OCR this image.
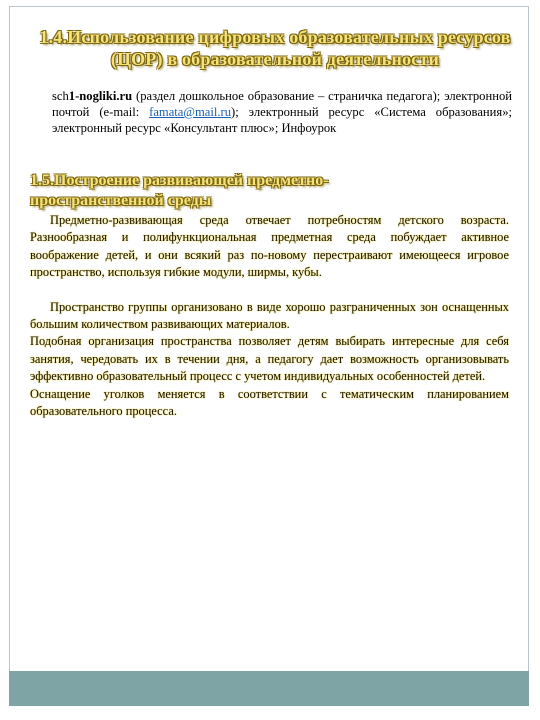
1.4.Использование цифровых образовательных ресурсов (ЦОР) в образовательной деятельности
sch1-nogliki.ru (раздел дошкольное образование – страничка педагога); электронной почтой (e-mail: famata@mail.ru); электронный ресурс «Система образования»; электронный ресурс «Консультант плюс»; Инфоурок
1.5.Построение развивающей предметно-пространственной среды

Предметно-развивающая среда отвечает потребностям детского возраста. Разнообразная и полифункциональная предметная среда побуждает активное воображение детей, и они всякий раз по-новому перестраивают имеющееся игровое пространство, используя гибкие модули, ширмы, кубы.

Пространство группы организовано в виде хорошо разграниченных зон оснащенных большим количеством развивающих материалов.

Подобная организация пространства позволяет детям выбирать интересные для себя занятия, чередовать их в течении дня, а педагогу дает возможность организовывать эффективно образовательный процесс с учетом индивидуальных особенностей детей.

Оснащение уголков меняется в соответствии с тематическим планированием образовательного процесса.
